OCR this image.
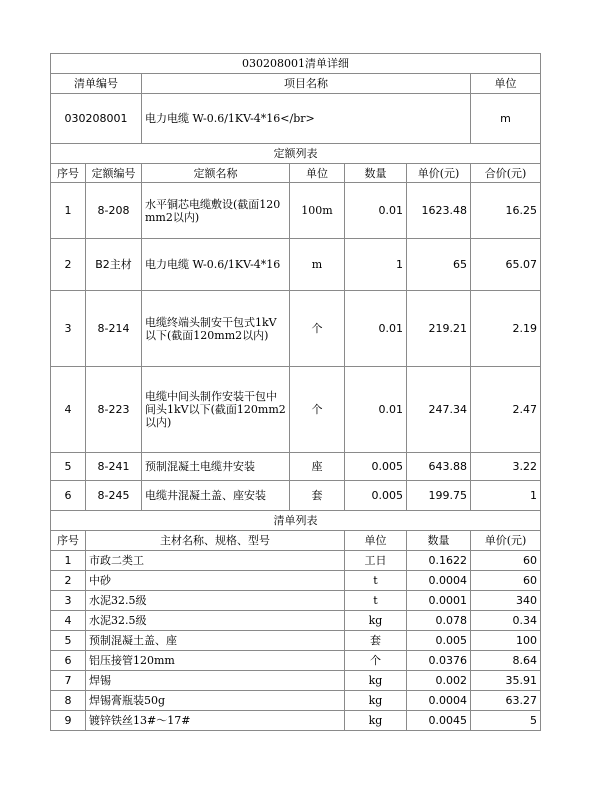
030208001清单详细							
清单编号		项目名称				单位	
030208001		电力电缆 W-0.6/1KV-4*16</br>				m	
定额列表							
序号	定额编号	定额名称	单位	数量	单价(元)	合价(元)	
1	8-208	水平铜芯电缆敷设(截面120mm2以内)	100m	0.01	1623.48	16.25	
2	B2主材	电力电缆 W-0.6/1KV-4*16	m	1	65	65.07	
3	8-214	电缆终端头制安干包式1kV以下(截面120mm2以内)	个	0.01	219.21	2.19	
4	8-223	电缆中间头制作安装干包中间头1kV以下(截面120mm2以内)	个	0.01	247.34	2.47	
5	8-241	预制混凝土电缆井安装	座	0.005	643.88	3.22	
6	8-245	电缆井混凝土盖、座安装	套	0.005	199.75	1	
清单列表							
序号	主材名称、规格、型号			单位	数量	单价(元)	
1	市政二类工			工日	0.1622	60	
2	中砂			t	0.0004	60	
3	水泥32.5级			t	0.0001	340	
4	水泥32.5级			kg	0.078	0.34	
5	预制混凝土盖、座			套	0.005	100	
6	铝压接管120mm			个	0.0376	8.64	
7	焊锡			kg	0.002	35.91	
8	焊锡膏瓶装50g			kg	0.0004	63.27	
9	镀锌铁丝13#～17#			kg	0.0045	5	
